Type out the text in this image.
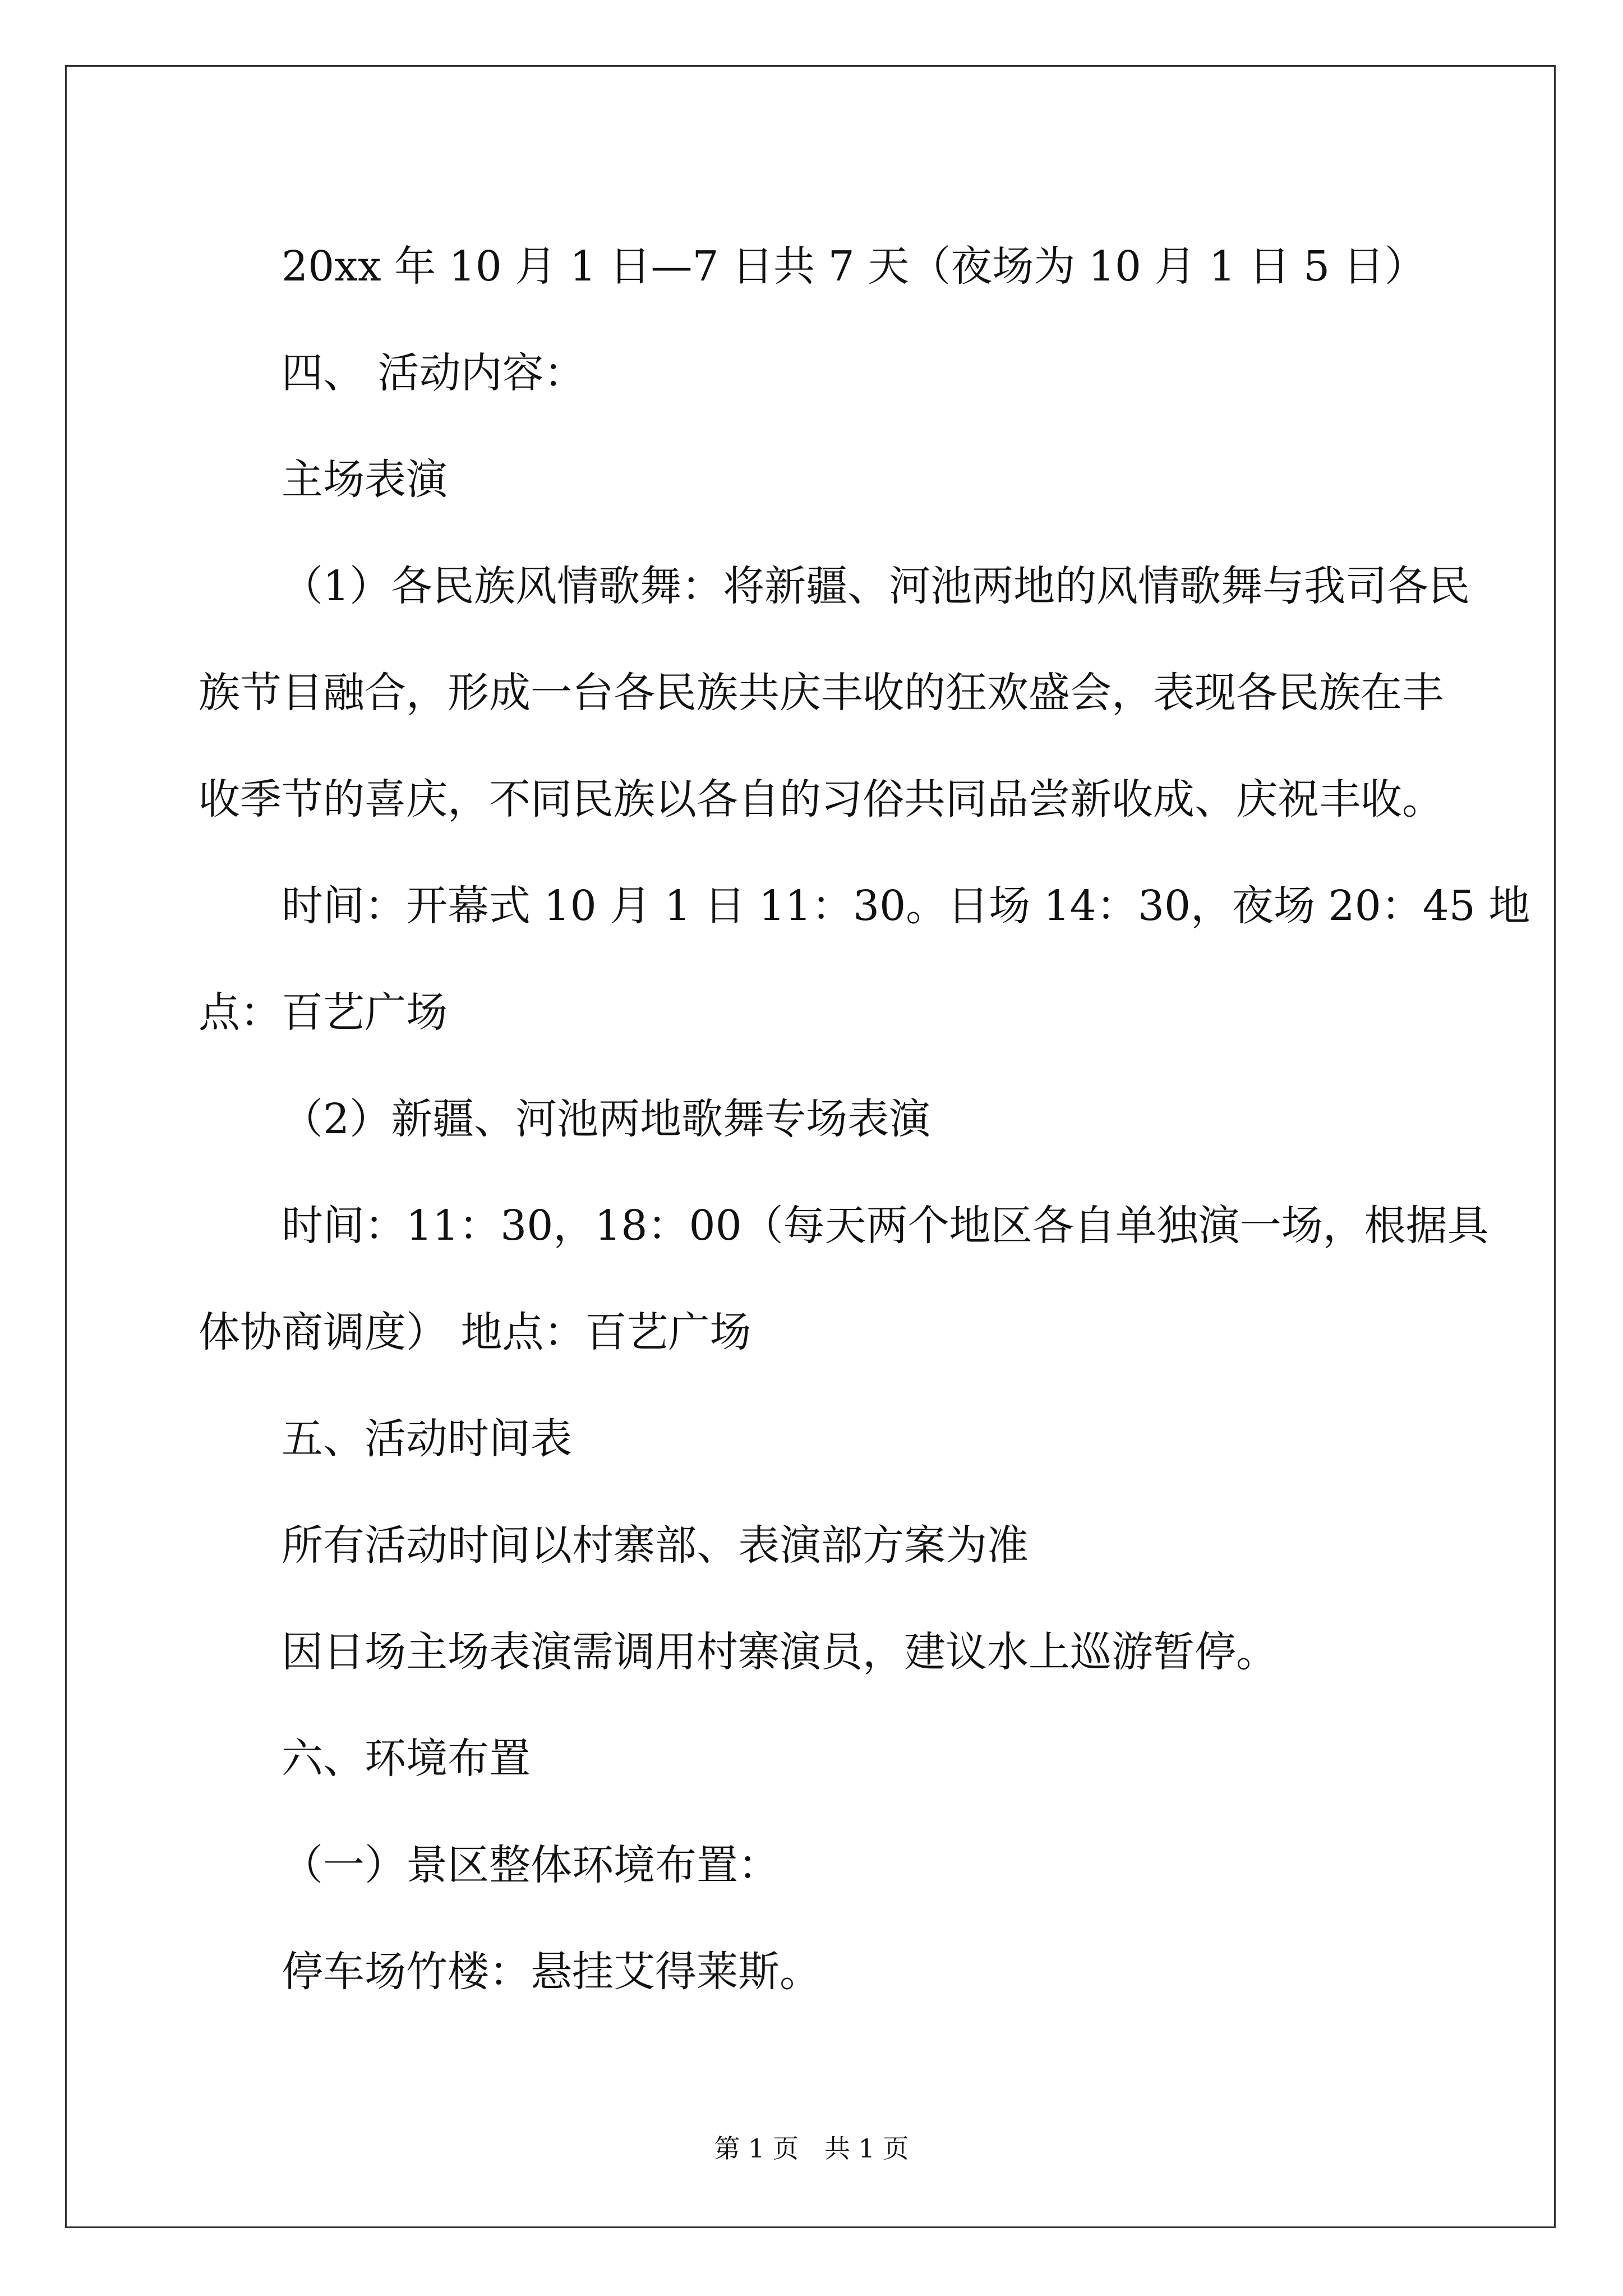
20xx 年 10 月 1 日—7 日共 7 天（夜场为 10 月 1 日 5 日）

四、 活动内容：

主场表演

（1）各民族风情歌舞：将新疆、河池两地的风情歌舞与我司各民

族节目融合，形成一台各民族共庆丰收的狂欢盛会，表现各民族在丰

收季节的喜庆，不同民族以各自的习俗共同品尝新收成、庆祝丰收。

时间：开幕式 10 月 1 日 11：30。日场 14：30，夜场 20：45 地

点：百艺广场

（2）新疆、河池两地歌舞专场表演

时间：11：30，18：00（每天两个地区各自单独演一场，根据具

体协商调度） 地点：百艺广场

五、活动时间表

所有活动时间以村寨部、表演部方案为准

因日场主场表演需调用村寨演员，建议水上巡游暂停。

六、环境布置

（一）景区整体环境布置：

停车场竹楼：悬挂艾得莱斯。

第 1 页　共 1 页
